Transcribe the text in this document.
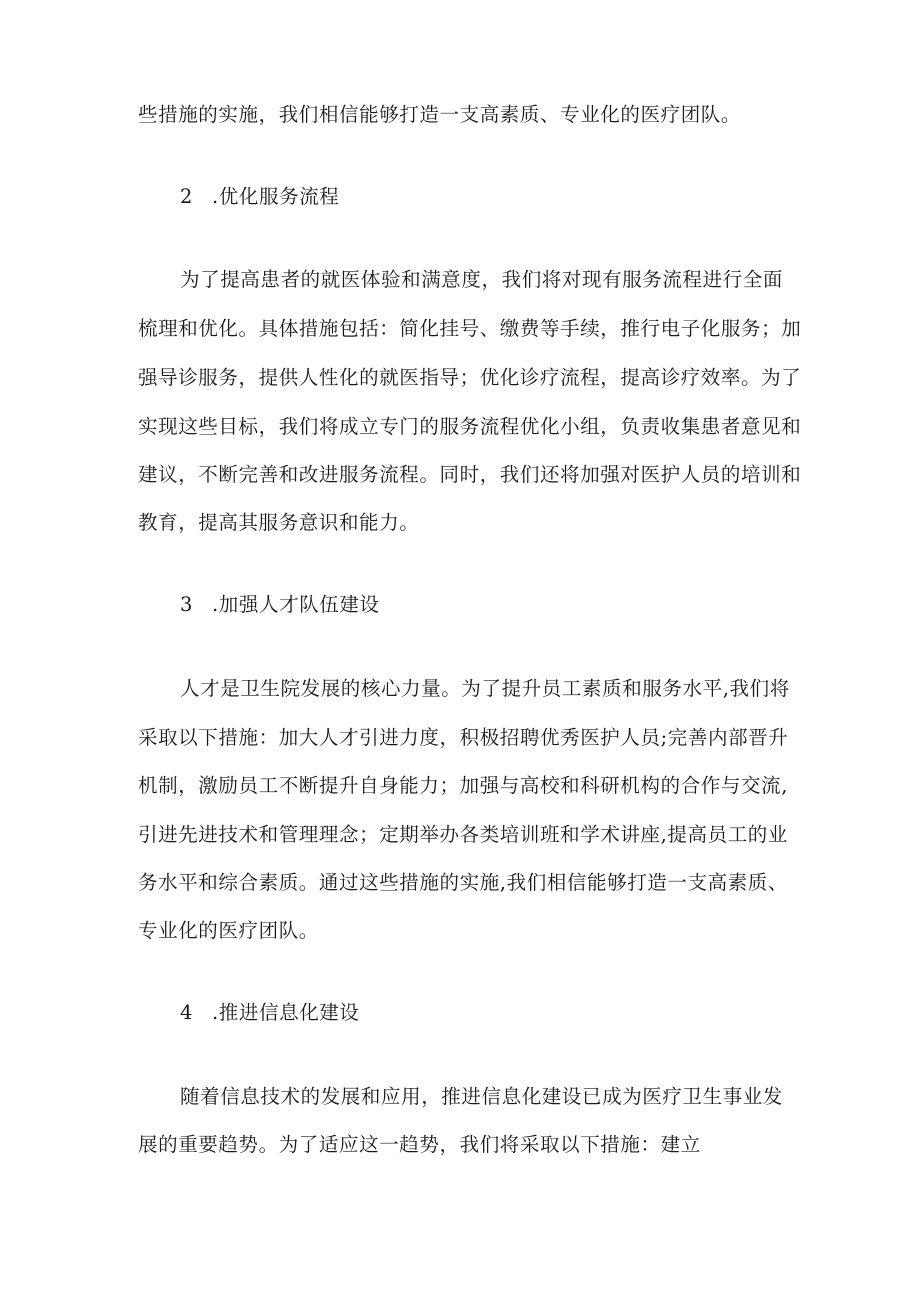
些措施的实施，我们相信能够打造一支高素质、专业化的医疗团队。
2 .优化服务流程
为了提高患者的就医体验和满意度，我们将对现有服务流程进行全面
梳理和优化。具体措施包括：简化挂号、缴费等手续，推行电子化服务；加
强导诊服务，提供人性化的就医指导；优化诊疗流程，提高诊疗效率。为了
实现这些目标，我们将成立专门的服务流程优化小组，负责收集患者意见和
建议，不断完善和改进服务流程。同时，我们还将加强对医护人员的培训和
教育，提高其服务意识和能力。
3 .加强人才队伍建设
人才是卫生院发展的核心力量。为了提升员工素质和服务水平,我们将
采取以下措施：加大人才引进力度，积极招聘优秀医护人员;完善内部晋升
机制，激励员工不断提升自身能力；加强与高校和科研机构的合作与交流,
引进先进技术和管理理念；定期举办各类培训班和学术讲座,提高员工的业
务水平和综合素质。通过这些措施的实施,我们相信能够打造一支高素质、
专业化的医疗团队。
4 .推进信息化建设
随着信息技术的发展和应用，推进信息化建设已成为医疗卫生事业发
展的重要趋势。为了适应这一趋势，我们将采取以下措施：建立
